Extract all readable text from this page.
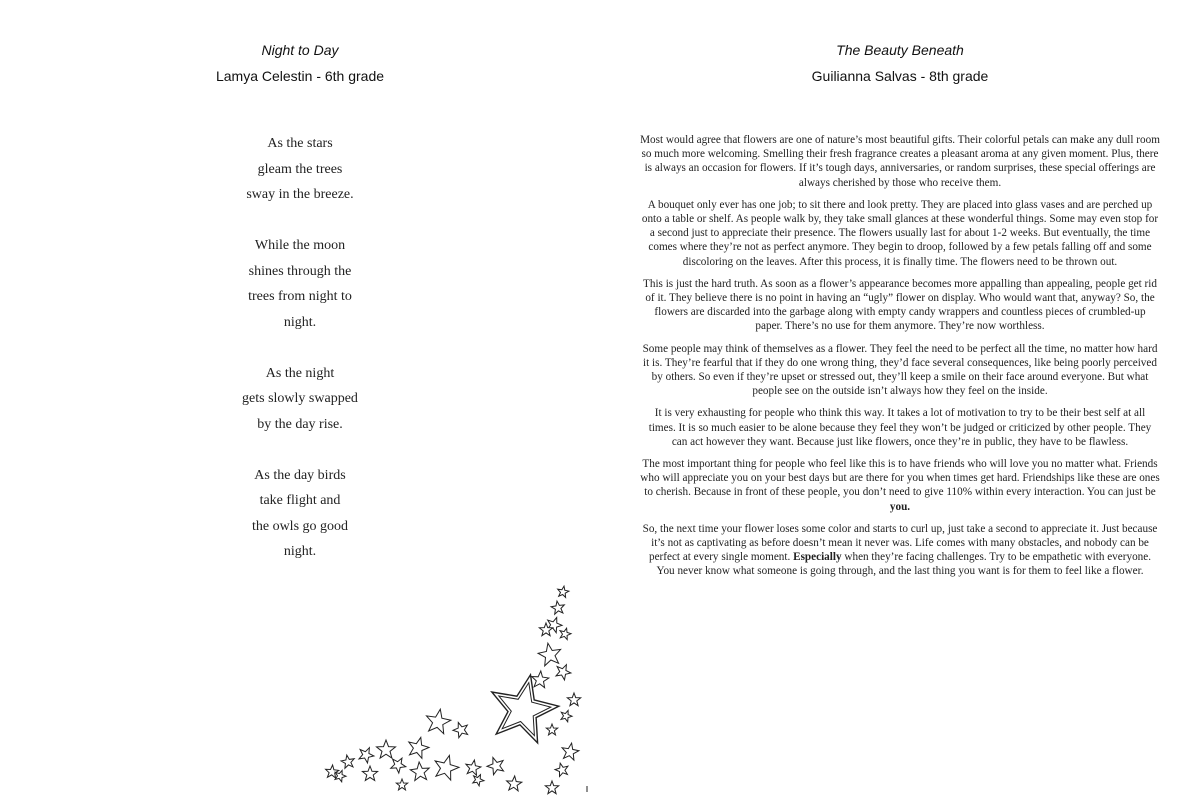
Night to Day
Lamya Celestin - 6th grade
As the stars
gleam the trees
sway in the breeze.
While the moon
shines through the
trees from night to
night.
As the night
gets slowly swapped
by the day rise.
As the day birds
take flight and
the owls go good
night.
The Beauty Beneath
Guilianna Salvas - 8th grade

Most would agree that flowers are one of nature’s most beautiful gifts. Their colorful petals can make any dull room so much more welcoming. Smelling their fresh fragrance creates a pleasant aroma at any given moment. Plus, there is always an occasion for flowers. If it’s tough days, anniversaries, or random surprises, these special offerings are always cherished by those who receive them.

A bouquet only ever has one job; to sit there and look pretty. They are placed into glass vases and are perched up onto a table or shelf. As people walk by, they take small glances at these wonderful things. Some may even stop for a second just to appreciate their presence. The flowers usually last for about 1-2 weeks. But eventually, the time comes where they’re not as perfect anymore. They begin to droop, followed by a few petals falling off and some discoloring on the leaves. After this process, it is finally time. The flowers need to be thrown out.

This is just the hard truth. As soon as a flower’s appearance becomes more appalling than appealing, people get rid of it. They believe there is no point in having an “ugly” flower on display. Who would want that, anyway? So, the flowers are discarded into the garbage along with empty candy wrappers and countless pieces of crumbled-up paper. There’s no use for them anymore. They’re now worthless.

Some people may think of themselves as a flower. They feel the need to be perfect all the time, no matter how hard it is. They’re fearful that if they do one wrong thing, they’d face several consequences, like being poorly perceived by others. So even if they’re upset or stressed out, they’ll keep a smile on their face around everyone. But what people see on the outside isn’t always how they feel on the inside.

It is very exhausting for people who think this way. It takes a lot of motivation to try to be their best self at all times. It is so much easier to be alone because they feel they won’t be judged or criticized by other people. They can act however they want. Because just like flowers, once they’re in public, they have to be flawless.

The most important thing for people who feel like this is to have friends who will love you no matter what. Friends who will appreciate you on your best days but are there for you when times get hard. Friendships like these are ones to cherish. Because in front of these people, you don’t need to give 110% within every interaction. You can just be you.

So, the next time your flower loses some color and starts to curl up, just take a second to appreciate it. Just because it’s not as captivating as before doesn’t mean it never was. Life comes with many obstacles, and nobody can be perfect at every single moment. Especially when they’re facing challenges. Try to be empathetic with everyone. You never know what someone is going through, and the last thing you want is for them to feel like a flower.
